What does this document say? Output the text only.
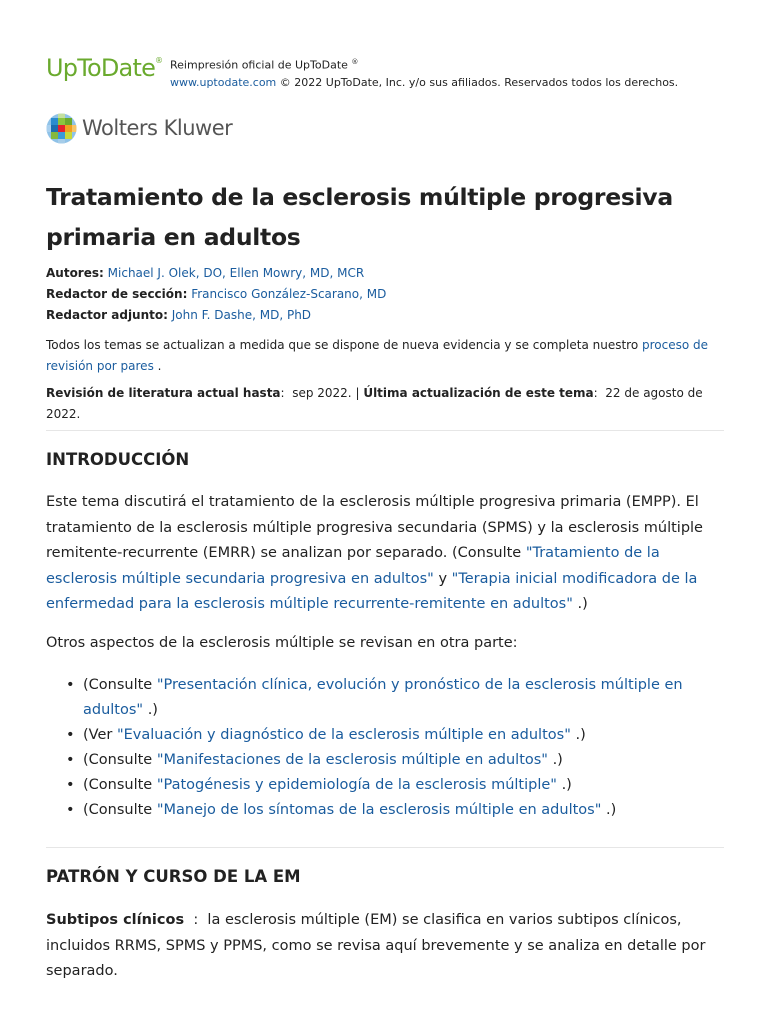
UpToDate® Reimpresión oficial de UpToDate ®
www.uptodate.com © 2022 UpToDate, Inc. y/o sus afiliados. Reservados todos los derechos.
Wolters Kluwer
Tratamiento de la esclerosis múltiple progresiva primaria en adultos
Autores: Michael J. Olek, DO, Ellen Mowry, MD, MCR
Redactor de sección: Francisco González-Scarano, MD
Redactor adjunto: John F. Dashe, MD, PhD
Todos los temas se actualizan a medida que se dispone de nueva evidencia y se completa nuestro proceso de revisión por pares .
Revisión de literatura actual hasta:  sep 2022. | Última actualización de este tema:  22 de agosto de 2022.
INTRODUCCIÓN
Este tema discutirá el tratamiento de la esclerosis múltiple progresiva primaria (EMPP). El tratamiento de la esclerosis múltiple progresiva secundaria (SPMS) y la esclerosis múltiple remitente-recurrente (EMRR) se analizan por separado. (Consulte "Tratamiento de la esclerosis múltiple secundaria progresiva en adultos" y "Terapia inicial modificadora de la enfermedad para la esclerosis múltiple recurrente-remitente en adultos" .)
Otros aspectos de la esclerosis múltiple se revisan en otra parte:
• (Consulte "Presentación clínica, evolución y pronóstico de la esclerosis múltiple en adultos" .)
• (Ver "Evaluación y diagnóstico de la esclerosis múltiple en adultos" .)
• (Consulte "Manifestaciones de la esclerosis múltiple en adultos" .)
• (Consulte "Patogénesis y epidemiología de la esclerosis múltiple" .)
• (Consulte "Manejo de los síntomas de la esclerosis múltiple en adultos" .)
PATRÓN Y CURSO DE LA EM
Subtipos clínicos : la esclerosis múltiple (EM) se clasifica en varios subtipos clínicos, incluidos RRMS, SPMS y PPMS, como se revisa aquí brevemente y se analiza en detalle por separado.
